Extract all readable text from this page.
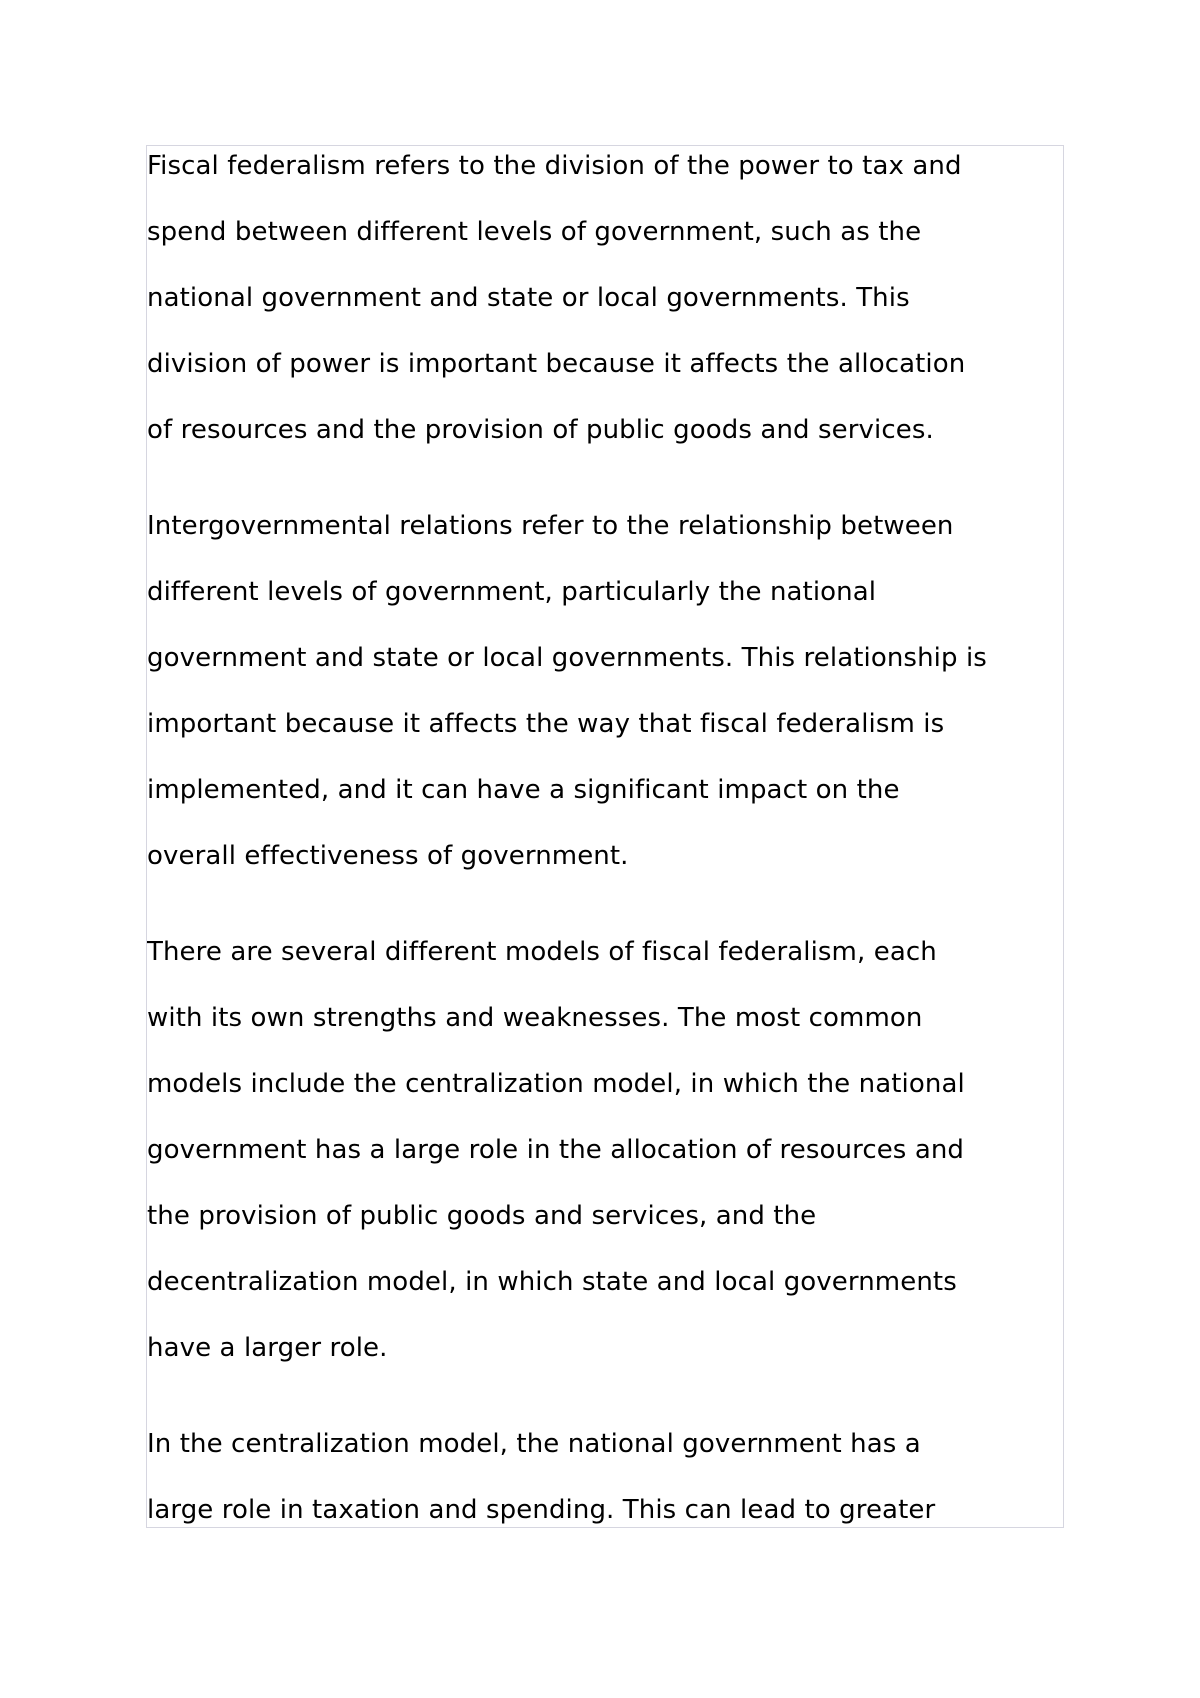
Fiscal federalism refers to the division of the power to tax and
spend between different levels of government, such as the
national government and state or local governments. This
division of power is important because it affects the allocation
of resources and the provision of public goods and services.

Intergovernmental relations refer to the relationship between
different levels of government, particularly the national
government and state or local governments. This relationship is
important because it affects the way that fiscal federalism is
implemented, and it can have a significant impact on the
overall effectiveness of government.

There are several different models of fiscal federalism, each
with its own strengths and weaknesses. The most common
models include the centralization model, in which the national
government has a large role in the allocation of resources and
the provision of public goods and services, and the
decentralization model, in which state and local governments
have a larger role.

In the centralization model, the national government has a
large role in taxation and spending. This can lead to greater
